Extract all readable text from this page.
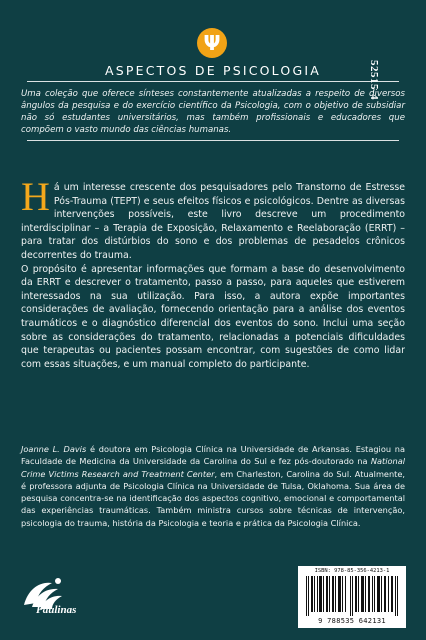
Ψ
ASPECTOS DE PSICOLOGIA	52515-4
Uma coleção que oferece sínteses constantemente atualizadas a respeito de diversos ângulos da pesquisa e do exercício científico da Psicologia, com o objetivo de subsidiar não só estudantes universitários, mas também profissionais e educadores que compõem o vasto mundo das ciências humanas.

Há um interesse crescente dos pesquisadores pelo Transtorno de Estresse Pós-Trauma (TEPT) e seus efeitos físicos e psicológicos. Dentre as diversas intervenções possíveis, este livro descreve um procedimento interdisciplinar – a Terapia de Exposição, Relaxamento e Reelaboração (ERRT) – para tratar dos distúrbios do sono e dos problemas de pesadelos crônicos decorrentes do trauma.

O propósito é apresentar informações que formam a base do desenvolvimento da ERRT e descrever o tratamento, passo a passo, para aqueles que estiverem interessados na sua utilização. Para isso, a autora expõe importantes considerações de avaliação, fornecendo orientação para a análise dos eventos traumáticos e o diagnóstico diferencial dos eventos do sono. Inclui uma seção sobre as considerações do tratamento, relacionadas a potenciais dificuldades que terapeutas ou pacientes possam encontrar, com sugestões de como lidar com essas situações, e um manual completo do participante.

Joanne L. Davis é doutora em Psicologia Clínica na Universidade de Arkansas. Estagiou na Faculdade de Medicina da Universidade da Carolina do Sul e fez pós-doutorado na National Crime Victims Research and Treatment Center, em Charleston, Carolina do Sul. Atualmente, é professora adjunta de Psicologia Clínica na Universidade de Tulsa, Oklahoma. Sua área de pesquisa concentra-se na identificação dos aspectos cognitivo, emocional e comportamental das experiências traumáticas. Também ministra cursos sobre técnicas de intervenção, psicologia do trauma, história da Psicologia e teoria e prática da Psicologia Clínica.
Paulinas
ISBN: 978-85-356-4213-1
9 788535 642131
